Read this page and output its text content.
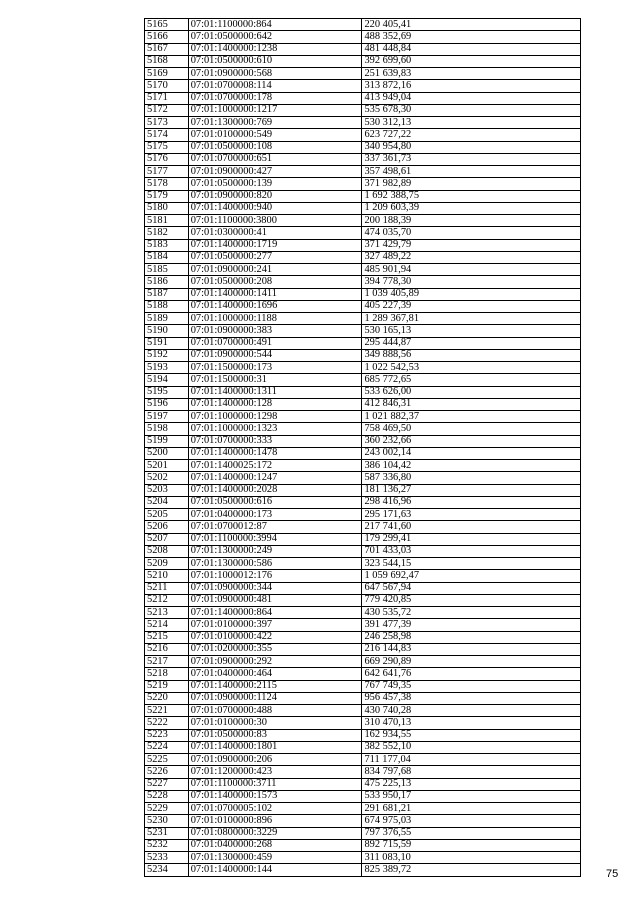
5165	07:01:1100000:864	220 405,41
5166	07:01:0500000:642	488 352,69
5167	07:01:1400000:1238	481 448,84
5168	07:01:0500000:610	392 699,60
5169	07:01:0900000:568	251 639,83
5170	07:01:0700008:114	313 872,16
5171	07:01:0700000:178	413 949,04
5172	07:01:1000000:1217	535 678,30
5173	07:01:1300000:769	530 312,13
5174	07:01:0100000:549	623 727,22
5175	07:01:0500000:108	340 954,80
5176	07:01:0700000:651	337 361,73
5177	07:01:0900000:427	357 498,61
5178	07:01:0500000:139	371 982,89
5179	07:01:0900000:820	1 692 388,75
5180	07:01:1400000:940	1 209 603,39
5181	07:01:1100000:3800	200 188,39
5182	07:01:0300000:41	474 035,70
5183	07:01:1400000:1719	371 429,79
5184	07:01:0500000:277	327 489,22
5185	07:01:0900000:241	485 901,94
5186	07:01:0500000:208	394 778,30
5187	07:01:1400000:1411	1 039 405,89
5188	07:01:1400000:1696	405 227,39
5189	07:01:1000000:1188	1 289 367,81
5190	07:01:0900000:383	530 165,13
5191	07:01:0700000:491	295 444,87
5192	07:01:0900000:544	349 888,56
5193	07:01:1500000:173	1 022 542,53
5194	07:01:1500000:31	685 772,65
5195	07:01:1400000:1311	533 626,00
5196	07:01:1400000:128	412 846,31
5197	07:01:1000000:1298	1 021 882,37
5198	07:01:1000000:1323	758 469,50
5199	07:01:0700000:333	360 232,66
5200	07:01:1400000:1478	243 002,14
5201	07:01:1400025:172	386 104,42
5202	07:01:1400000:1247	587 336,80
5203	07:01:1400000:2028	181 136,27
5204	07:01:0500000:616	298 416,96
5205	07:01:0400000:173	295 171,63
5206	07:01:0700012:87	217 741,60
5207	07:01:1100000:3994	179 299,41
5208	07:01:1300000:249	701 433,03
5209	07:01:1300000:586	323 544,15
5210	07:01:1000012:176	1 059 692,47
5211	07:01:0900000:344	647 567,94
5212	07:01:0900000:481	779 420,85
5213	07:01:1400000:864	430 535,72
5214	07:01:0100000:397	391 477,39
5215	07:01:0100000:422	246 258,98
5216	07:01:0200000:355	216 144,83
5217	07:01:0900000:292	669 290,89
5218	07:01:0400000:464	642 641,76
5219	07:01:1400000:2115	767 749,35
5220	07:01:0900000:1124	956 457,38
5221	07:01:0700000:488	430 740,28
5222	07:01:0100000:30	310 470,13
5223	07:01:0500000:83	162 934,55
5224	07:01:1400000:1801	382 552,10
5225	07:01:0900000:206	711 177,04
5226	07:01:1200000:423	834 797,68
5227	07:01:1100000:3711	475 225,13
5228	07:01:1400000:1573	533 950,17
5229	07:01:0700005:102	291 681,21
5230	07:01:0100000:896	674 975,03
5231	07:01:0800000:3229	797 376,55
5232	07:01:0400000:268	892 715,59
5233	07:01:1300000:459	311 083,10
5234	07:01:1400000:144	825 389,72	75
